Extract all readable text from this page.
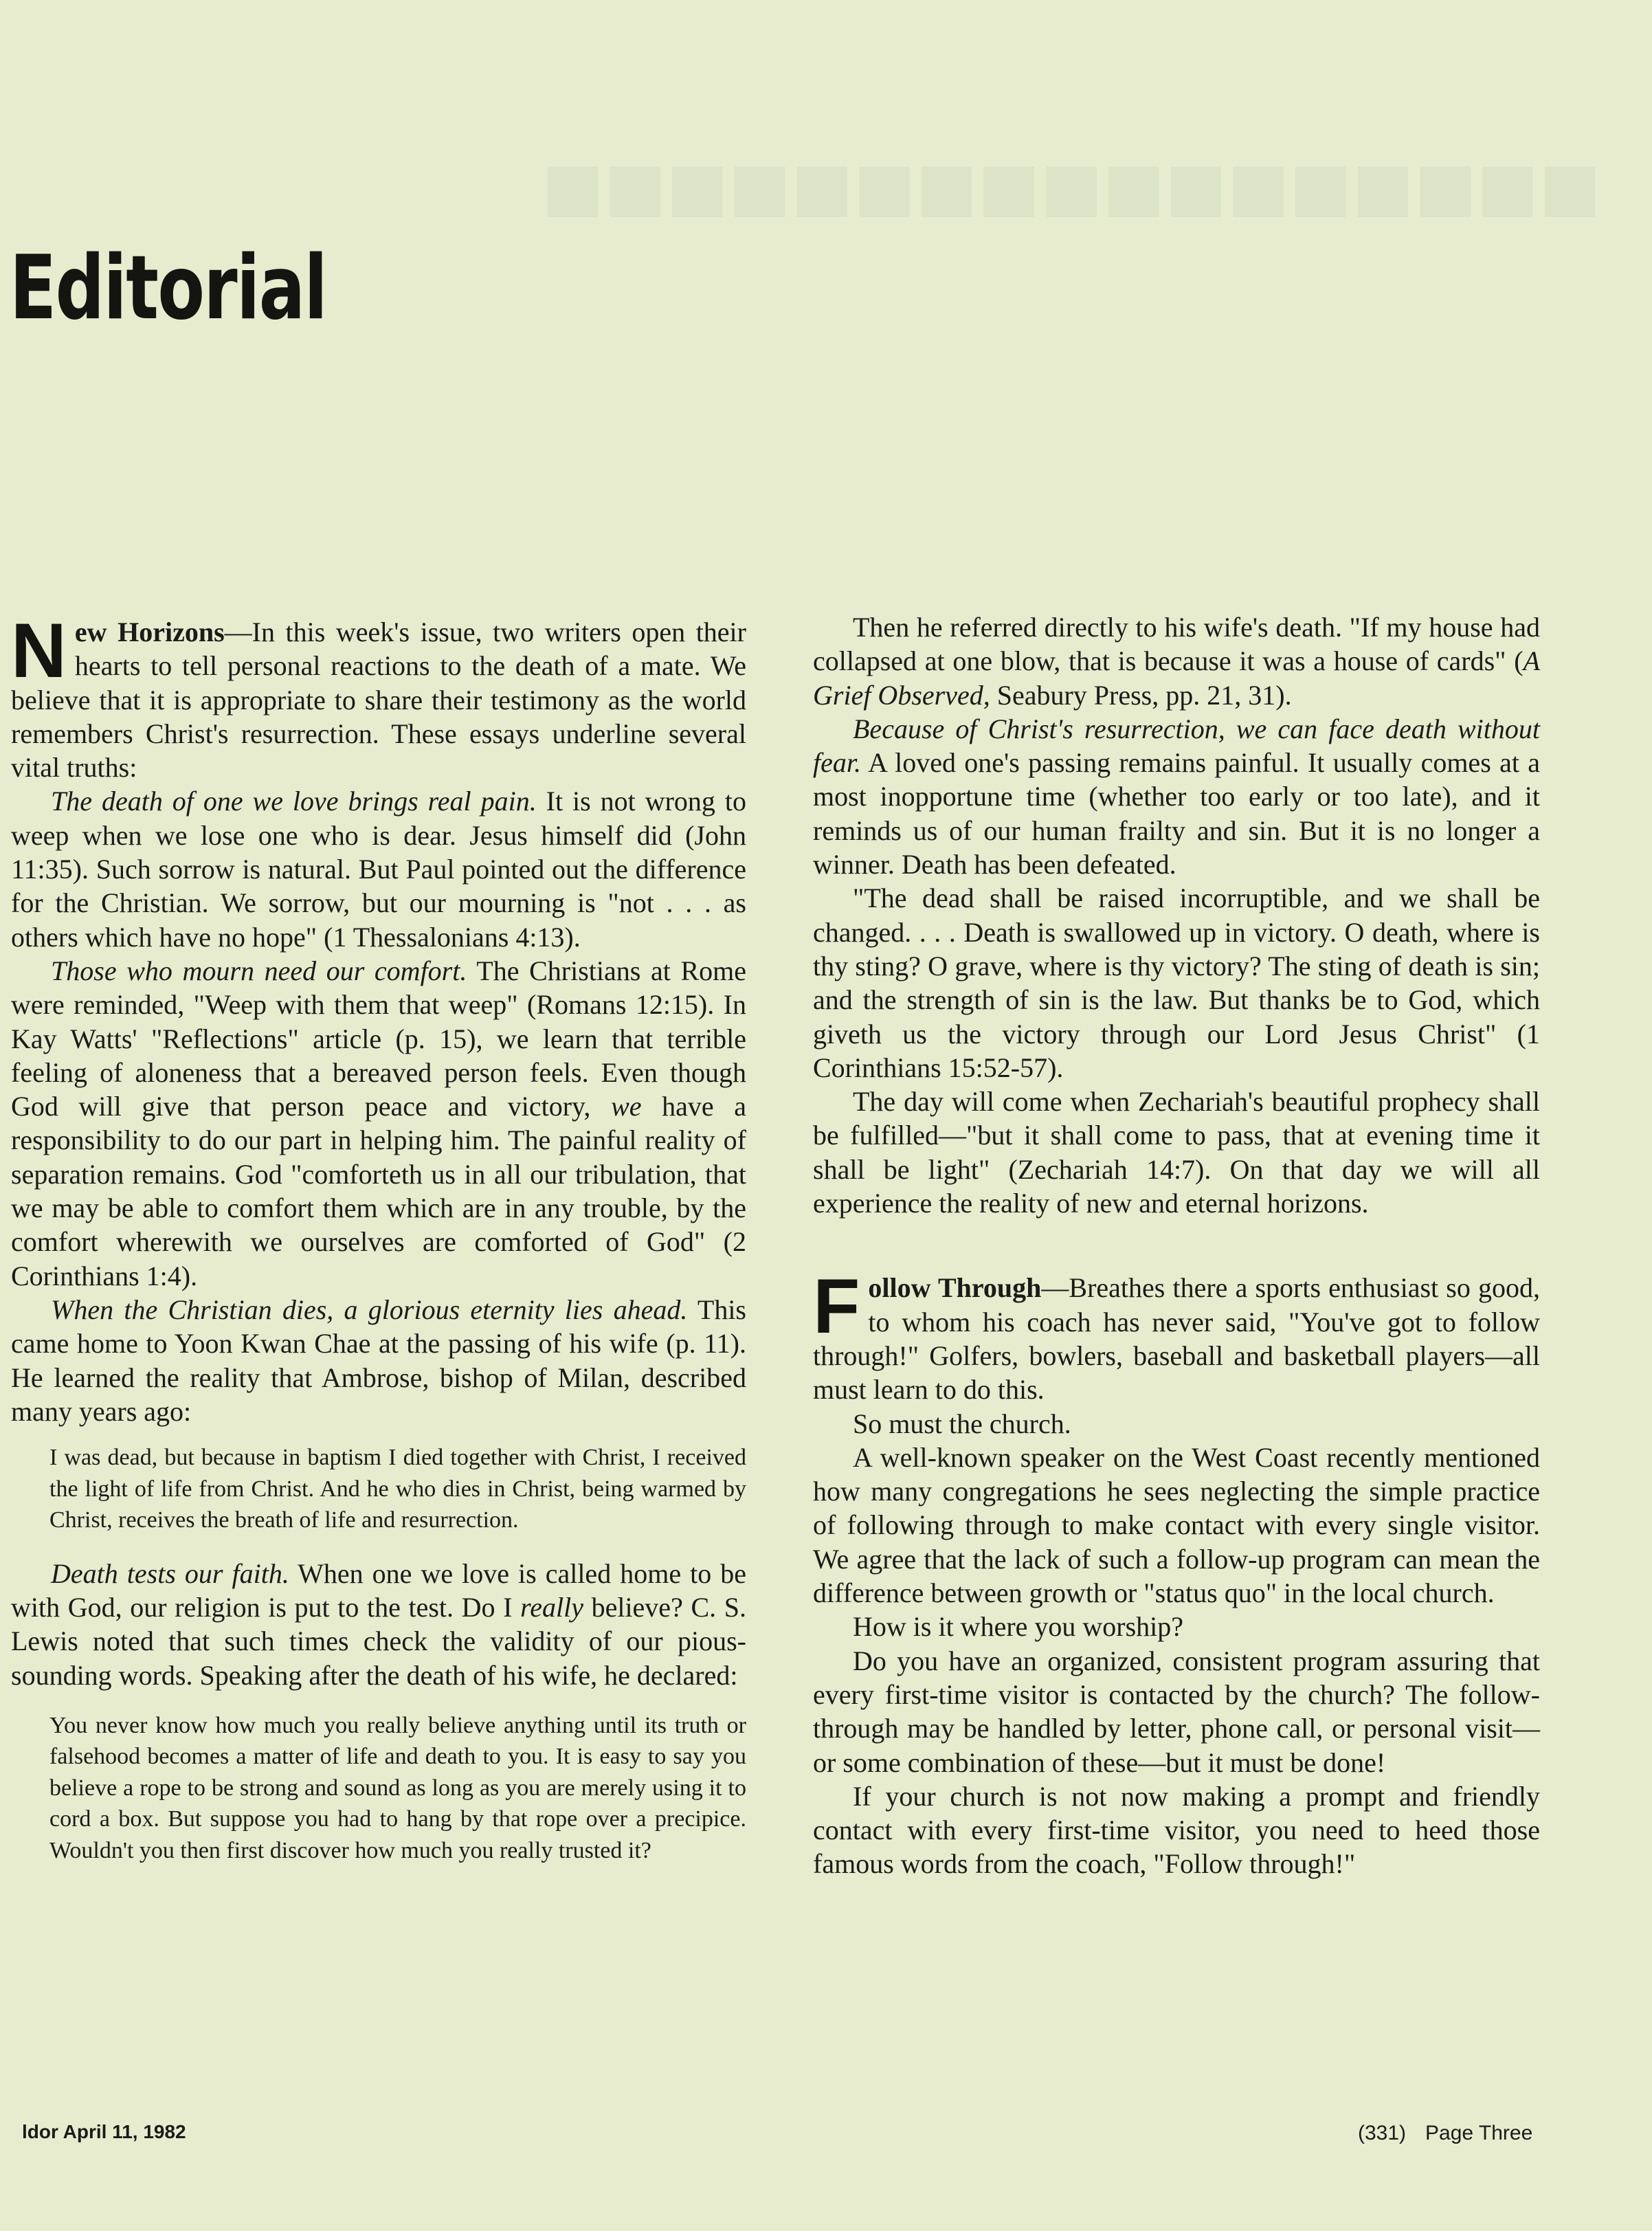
■■■■■■■■■■■■■■■■■
Editorial

New Horizons—In this week's issue, two writers open their hearts to tell personal reactions to the death of a mate. We believe that it is appropriate to share their testimony as the world remembers Christ's resurrection. These essays underline several vital truths:

The death of one we love brings real pain. It is not wrong to weep when we lose one who is dear. Jesus himself did (John 11:35). Such sorrow is natural. But Paul pointed out the difference for the Christian. We sorrow, but our mourning is "not . . . as others which have no hope" (1 Thessalonians 4:13).

Those who mourn need our comfort. The Christians at Rome were reminded, "Weep with them that weep" (Romans 12:15). In Kay Watts' "Reflections" article (p. 15), we learn that terrible feeling of aloneness that a bereaved person feels. Even though God will give that person peace and victory, we have a responsibility to do our part in helping him. The painful reality of separation remains. God "comforteth us in all our tribulation, that we may be able to comfort them which are in any trouble, by the comfort wherewith we ourselves are comforted of God" (2 Corinthians 1:4).

When the Christian dies, a glorious eternity lies ahead. This came home to Yoon Kwan Chae at the passing of his wife (p. 11). He learned the reality that Ambrose, bishop of Milan, described many years ago:

I was dead, but because in baptism I died together with Christ, I received the light of life from Christ. And he who dies in Christ, being warmed by Christ, receives the breath of life and resurrection.

Death tests our faith. When one we love is called home to be with God, our religion is put to the test. Do I really believe? C. S. Lewis noted that such times check the validity of our pious-sounding words. Speaking after the death of his wife, he declared:

You never know how much you really believe anything until its truth or falsehood becomes a matter of life and death to you. It is easy to say you believe a rope to be strong and sound as long as you are merely using it to cord a box. But suppose you had to hang by that rope over a precipice. Wouldn't you then first discover how much you really trusted it?

Then he referred directly to his wife's death. "If my house had collapsed at one blow, that is because it was a house of cards" (A Grief Observed, Seabury Press, pp. 21, 31).

Because of Christ's resurrection, we can face death without fear. A loved one's passing remains painful. It usually comes at a most inopportune time (whether too early or too late), and it reminds us of our human frailty and sin. But it is no longer a winner. Death has been defeated.

"The dead shall be raised incorruptible, and we shall be changed. . . . Death is swallowed up in victory. O death, where is thy sting? O grave, where is thy victory? The sting of death is sin; and the strength of sin is the law. But thanks be to God, which giveth us the victory through our Lord Jesus Christ" (1 Corinthians 15:52-57).

The day will come when Zechariah's beautiful prophecy shall be fulfilled—"but it shall come to pass, that at evening time it shall be light" (Zechariah 14:7). On that day we will all experience the reality of new and eternal horizons.

Follow Through—Breathes there a sports enthusiast so good, to whom his coach has never said, "You've got to follow through!" Golfers, bowlers, baseball and basketball players—all must learn to do this.

So must the church.

A well-known speaker on the West Coast recently mentioned how many congregations he sees neglecting the simple practice of following through to make contact with every single visitor. We agree that the lack of such a follow-up program can mean the difference between growth or "status quo" in the local church.

How is it where you worship?

Do you have an organized, consistent program assuring that every first-time visitor is contacted by the church? The follow-through may be handled by letter, phone call, or personal visit—or some combination of these—but it must be done!

If your church is not now making a prompt and friendly contact with every first-time visitor, you need to heed those famous words from the coach, "Follow through!"

ldor April 11, 1982	(331) Page Three
